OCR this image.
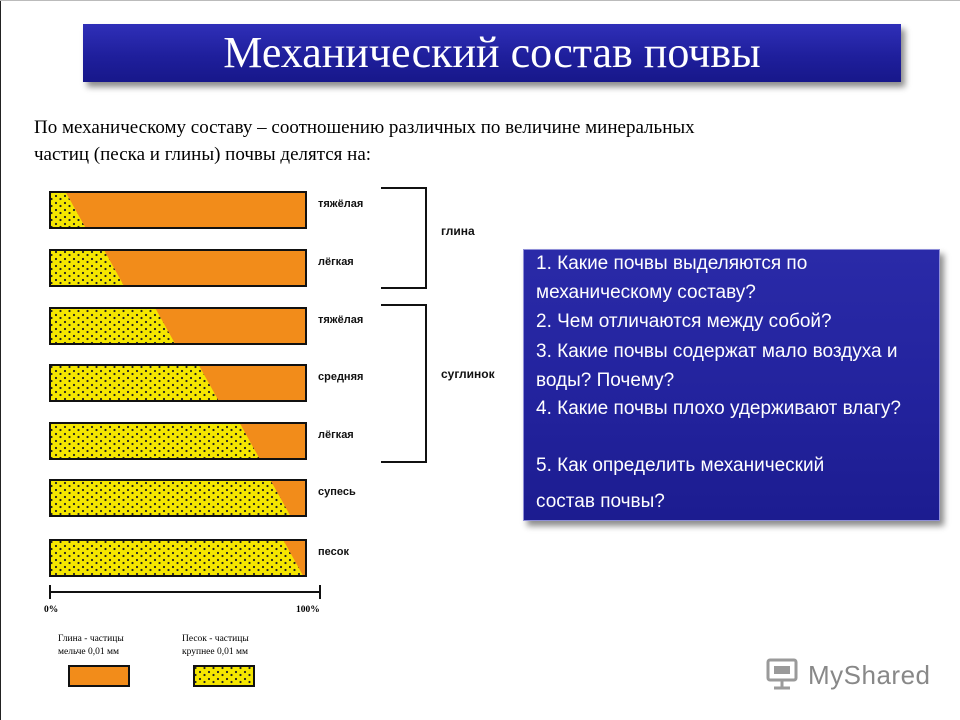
Механический состав почвы
По механическому составу – соотношению различных по величине минеральных
частиц (песка и глины) почвы делятся на:
тяжёлая
лёгкая
тяжёлая
средняя
лёгкая
супесь
песок
глина
суглинок
0%	100%
Глина - частицы
мельче 0,01 мм
Песок - частицы
крупнее 0,01 мм
1. Какие почвы выделяются по механическому составу?
2. Чем отличаются между собой?
3. Какие почвы содержат мало воздуха и воды? Почему?
4. Какие почвы плохо удерживают влагу?
5. Как определить механический
состав почвы?
MyShared
